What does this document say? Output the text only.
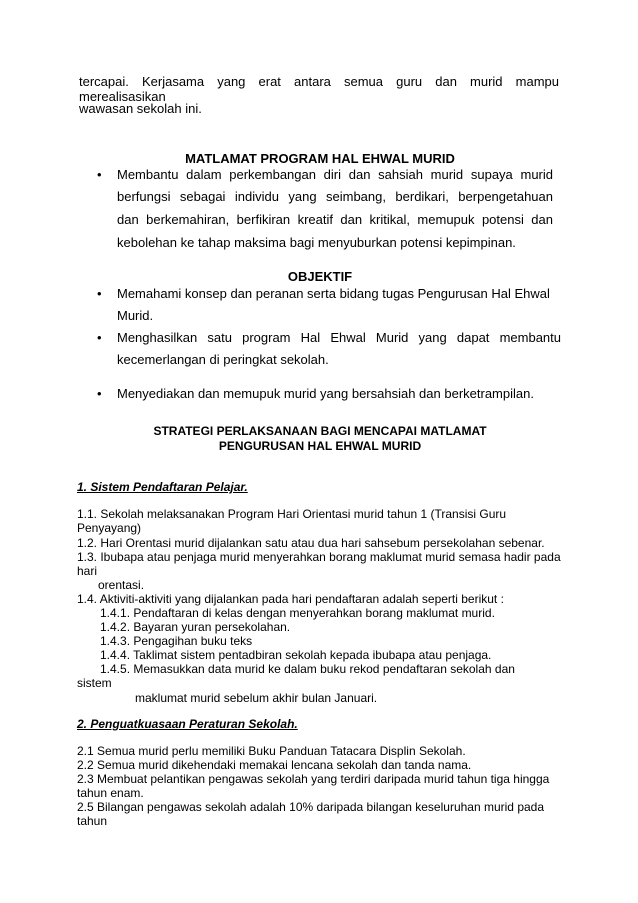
tercapai. Kerjasama yang erat antara semua guru dan murid mampu merealisasikan
wawasan sekolah ini.
MATLAMAT PROGRAM HAL EHWAL MURID
• Membantu dalam perkembangan diri dan sahsiah murid supaya murid
berfungsi sebagai individu yang seimbang, berdikari, berpengetahuan
dan berkemahiran, berfikiran kreatif dan kritikal, memupuk potensi dan
kebolehan ke tahap maksima bagi menyuburkan potensi kepimpinan.
OBJEKTIF
• Memahami konsep dan peranan serta bidang tugas Pengurusan Hal Ehwal
Murid.
• Menghasilkan satu program Hal Ehwal Murid yang dapat membantu
kecemerlangan di peringkat sekolah.
• Menyediakan dan memupuk murid yang bersahsiah dan berketrampilan.
STRATEGI PERLAKSANAAN BAGI MENCAPAI MATLAMAT
PENGURUSAN HAL EHWAL MURID
1. Sistem Pendaftaran Pelajar.
1.1. Sekolah melaksanakan Program Hari Orientasi murid tahun 1 (Transisi Guru
Penyayang)
1.2. Hari Orentasi murid dijalankan satu atau dua hari sahsebum persekolahan sebenar.
1.3. Ibubapa atau penjaga murid menyerahkan borang maklumat murid semasa hadir pada
hari
orentasi.
1.4. Aktiviti-aktiviti yang dijalankan pada hari pendaftaran adalah seperti berikut :
1.4.1. Pendaftaran di kelas dengan menyerahkan borang maklumat murid.
1.4.2. Bayaran yuran persekolahan.
1.4.3. Pengagihan buku teks
1.4.4. Taklimat sistem pentadbiran sekolah kepada ibubapa atau penjaga.
1.4.5. Memasukkan data murid ke dalam buku rekod pendaftaran sekolah dan
sistem
maklumat murid sebelum akhir bulan Januari.
2. Penguatkuasaan Peraturan Sekolah.
2.1 Semua murid perlu memiliki Buku Panduan Tatacara Displin Sekolah.
2.2 Semua murid dikehendaki memakai lencana sekolah dan tanda nama.
2.3 Membuat pelantikan pengawas sekolah yang terdiri daripada murid tahun tiga hingga
tahun enam.
2.5 Bilangan pengawas sekolah adalah 10% daripada bilangan keseluruhan murid pada
tahun
